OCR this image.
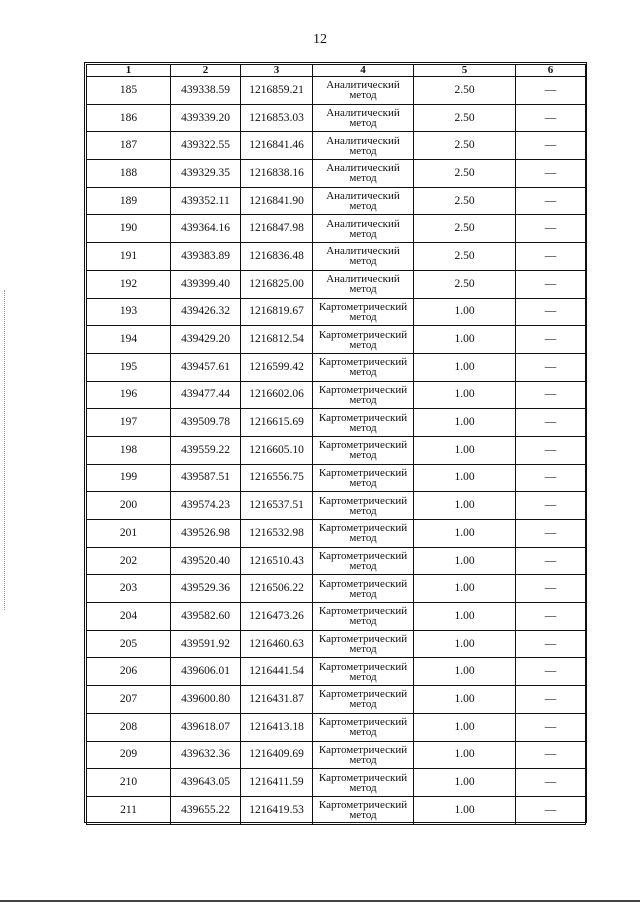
12
1	2	3	4	5	6
185	439338.59	1216859.21	Аналитический
метод	2.50	—
186	439339.20	1216853.03	Аналитический
метод	2.50	—
187	439322.55	1216841.46	Аналитический
метод	2.50	—
188	439329.35	1216838.16	Аналитический
метод	2.50	—
189	439352.11	1216841.90	Аналитический
метод	2.50	—
190	439364.16	1216847.98	Аналитический
метод	2.50	—
191	439383.89	1216836.48	Аналитический
метод	2.50	—
192	439399.40	1216825.00	Аналитический
метод	2.50	—
193	439426.32	1216819.67	Картометрический
метод	1.00	—
194	439429.20	1216812.54	Картометрический
метод	1.00	—
195	439457.61	1216599.42	Картометрический
метод	1.00	—
196	439477.44	1216602.06	Картометрический
метод	1.00	—
197	439509.78	1216615.69	Картометрический
метод	1.00	—
198	439559.22	1216605.10	Картометрический
метод	1.00	—
199	439587.51	1216556.75	Картометрический
метод	1.00	—
200	439574.23	1216537.51	Картометрический
метод	1.00	—
201	439526.98	1216532.98	Картометрический
метод	1.00	—
202	439520.40	1216510.43	Картометрический
метод	1.00	—
203	439529.36	1216506.22	Картометрический
метод	1.00	—
204	439582.60	1216473.26	Картометрический
метод	1.00	—
205	439591.92	1216460.63	Картометрический
метод	1.00	—
206	439606.01	1216441.54	Картометрический
метод	1.00	—
207	439600.80	1216431.87	Картометрический
метод	1.00	—
208	439618.07	1216413.18	Картометрический
метод	1.00	—
209	439632.36	1216409.69	Картометрический
метод	1.00	—
210	439643.05	1216411.59	Картометрический
метод	1.00	—
211	439655.22	1216419.53	Картометрический
метод	1.00	—
